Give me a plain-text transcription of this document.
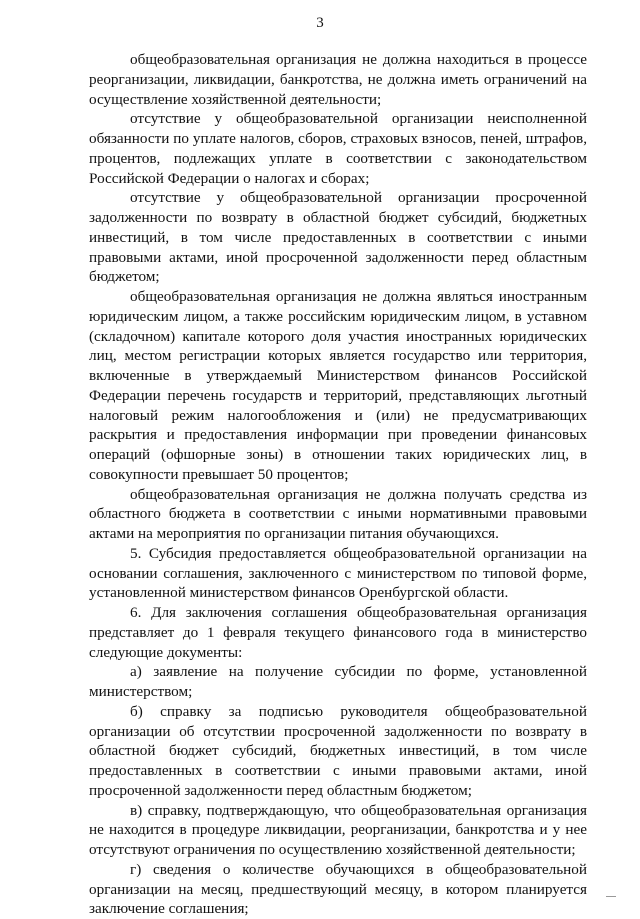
3

общеобразовательная организация не должна находиться в процессе реорганизации, ликвидации, банкротства, не должна иметь ограничений на осуществление хозяйственной деятельности;

отсутствие у общеобразовательной организации неисполненной обязанности по уплате налогов, сборов, страховых взносов, пеней, штрафов, процентов, подлежащих уплате в соответствии с законодательством Российской Федерации о налогах и сборах;

отсутствие у общеобразовательной организации просроченной задолженности по возврату в областной бюджет субсидий, бюджетных инвестиций, в том числе предоставленных в соответствии с иными правовыми актами, иной просроченной задолженности перед областным бюджетом;

общеобразовательная организация не должна являться иностранным юридическим лицом, а также российским юридическим лицом, в уставном (складочном) капитале которого доля участия иностранных юридических лиц, местом регистрации которых является государство или территория, включенные в утверждаемый Министерством финансов Российской Федерации перечень государств и территорий, представляющих льготный налоговый режим налогообложения и (или) не предусматривающих раскрытия и предоставления информации при проведении финансовых операций (офшорные зоны) в отношении таких юридических лиц, в совокупности превышает 50 процентов;

общеобразовательная организация не должна получать средства из областного бюджета в соответствии с иными нормативными правовыми актами на мероприятия по организации питания обучающихся.

5. Субсидия предоставляется общеобразовательной организации на основании соглашения, заключенного с министерством по типовой форме, установленной министерством финансов Оренбургской области.

6. Для заключения соглашения общеобразовательная организация представляет до 1 февраля текущего финансового года в министерство следующие документы:

а) заявление на получение субсидии по форме, установленной министерством;

б) справку за подписью руководителя общеобразовательной организации об отсутствии просроченной задолженности по возврату в областной бюджет субсидий, бюджетных инвестиций, в том числе предоставленных в соответствии с иными правовыми актами, иной просроченной задолженности перед областным бюджетом;

в) справку, подтверждающую, что общеобразовательная организация не находится в процедуре ликвидации, реорганизации, банкротства и у нее отсутствуют ограничения по осуществлению хозяйственной деятельности;

г) сведения о количестве обучающихся в общеобразовательной организации на месяц, предшествующий месяцу, в котором планируется заключение соглашения;
